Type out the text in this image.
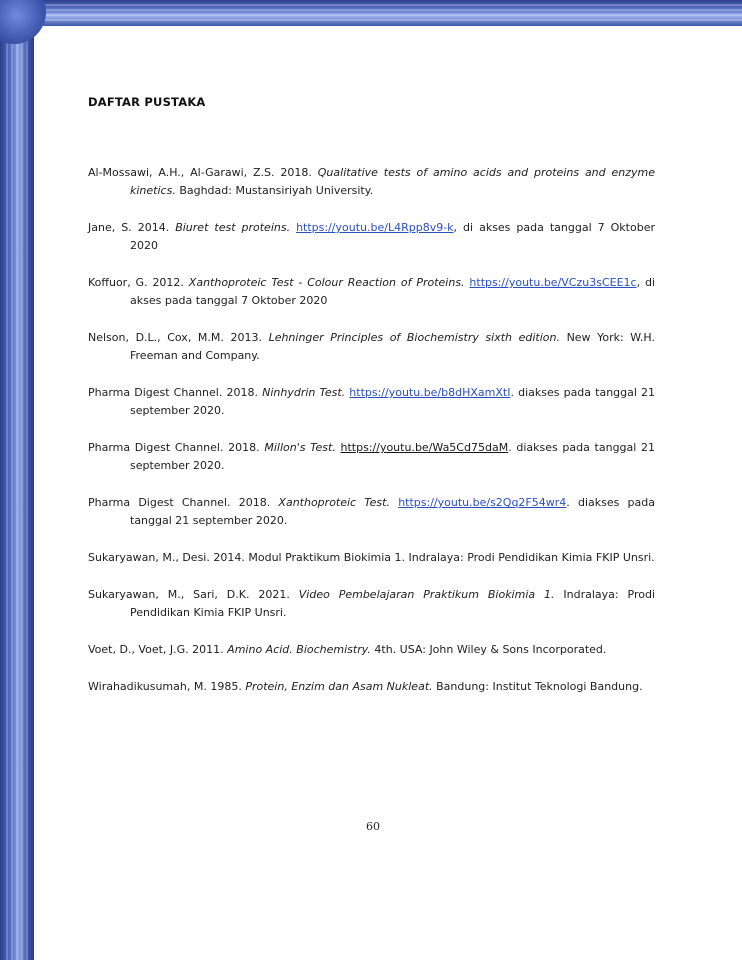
DAFTAR PUSTAKA

Al-Mossawi, A.H., Al-Garawi, Z.S. 2018. Qualitative tests of amino acids and proteins and enzyme kinetics. Baghdad: Mustansiriyah University.

Jane, S. 2014. Biuret test proteins. https://youtu.be/L4Rpp8v9-k, di akses pada tanggal 7 Oktober 2020

Koffuor, G. 2012. Xanthoproteic Test - Colour Reaction of Proteins. https://youtu.be/VCzu3sCEE1c, di akses pada tanggal 7 Oktober 2020

Nelson, D.L., Cox, M.M. 2013. Lehninger Principles of Biochemistry sixth edition. New York: W.H. Freeman and Company.

Pharma Digest Channel. 2018. Ninhydrin Test. https://youtu.be/b8dHXamXtI. diakses pada tanggal 21 september 2020.

Pharma Digest Channel. 2018. Millon's Test. https://youtu.be/Wa5Cd75daM. diakses pada tanggal 21 september 2020.

Pharma Digest Channel. 2018. Xanthoproteic Test. https://youtu.be/s2Qq2F54wr4. diakses pada tanggal 21 september 2020.

Sukaryawan, M., Desi. 2014. Modul Praktikum Biokimia 1. Indralaya: Prodi Pendidikan Kimia FKIP Unsri.

Sukaryawan, M., Sari, D.K. 2021. Video Pembelajaran Praktikum Biokimia 1. Indralaya: Prodi Pendidikan Kimia FKIP Unsri.

Voet, D., Voet, J.G. 2011. Amino Acid. Biochemistry. 4th. USA: John Wiley & Sons Incorporated.

Wirahadikusumah, M. 1985. Protein, Enzim dan Asam Nukleat. Bandung: Institut Teknologi Bandung.

60
